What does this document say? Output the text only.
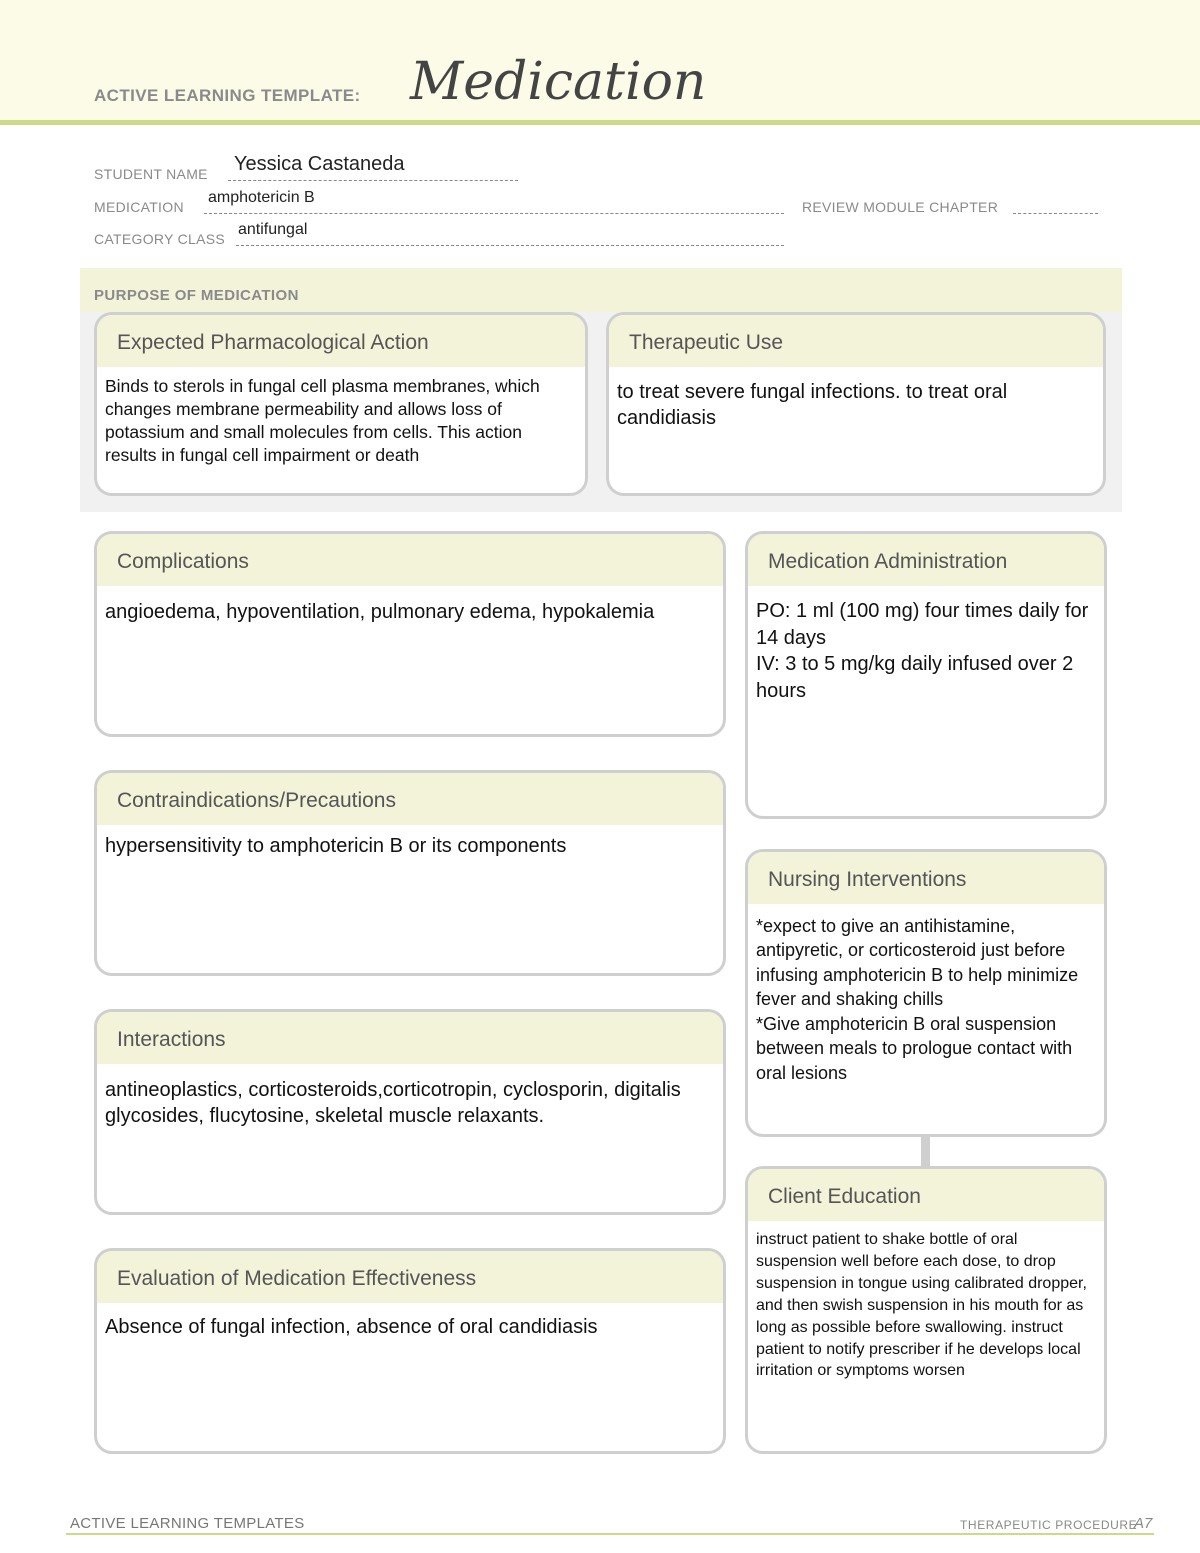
ACTIVE LEARNING TEMPLATE: Medication
STUDENT NAME Yessica Castaneda
MEDICATION
amphotericin B
REVIEW MODULE CHAPTER
CATEGORY CLASS
antifungal
PURPOSE OF MEDICATION
Expected Pharmacological Action
Binds to sterols in fungal cell plasma membranes, which changes membrane permeability and allows loss of potassium and small molecules from cells. This action results in fungal cell impairment or death
Therapeutic Use
to treat severe fungal infections. to treat oral candidiasis
Complications
angioedema, hypoventilation, pulmonary edema, hypokalemia
Contraindications/Precautions
hypersensitivity to amphotericin B or its components
Interactions
antineoplastics, corticosteroids,corticotropin, cyclosporin, digitalis glycosides, flucytosine, skeletal muscle relaxants.
Evaluation of Medication Effectiveness
Absence of fungal infection, absence of oral candidiasis
Medication Administration
PO: 1 ml (100 mg) four times daily for 14 days
IV: 3 to 5 mg/kg daily infused over 2 hours
Nursing Interventions
*expect to give an antihistamine, antipyretic, or corticosteroid just before infusing amphotericin B to help minimize fever and shaking chills
*Give amphotericin B oral suspension between meals to prologue contact with oral lesions
Client Education
instruct patient to shake bottle of oral suspension well before each dose, to drop suspension in tongue using calibrated dropper, and then swish suspension in his mouth for as long as possible before swallowing. instruct patient to notify prescriber if he develops local irritation or symptoms worsen
ACTIVE LEARNING TEMPLATES	THERAPEUTIC PROCEDURE
A7
